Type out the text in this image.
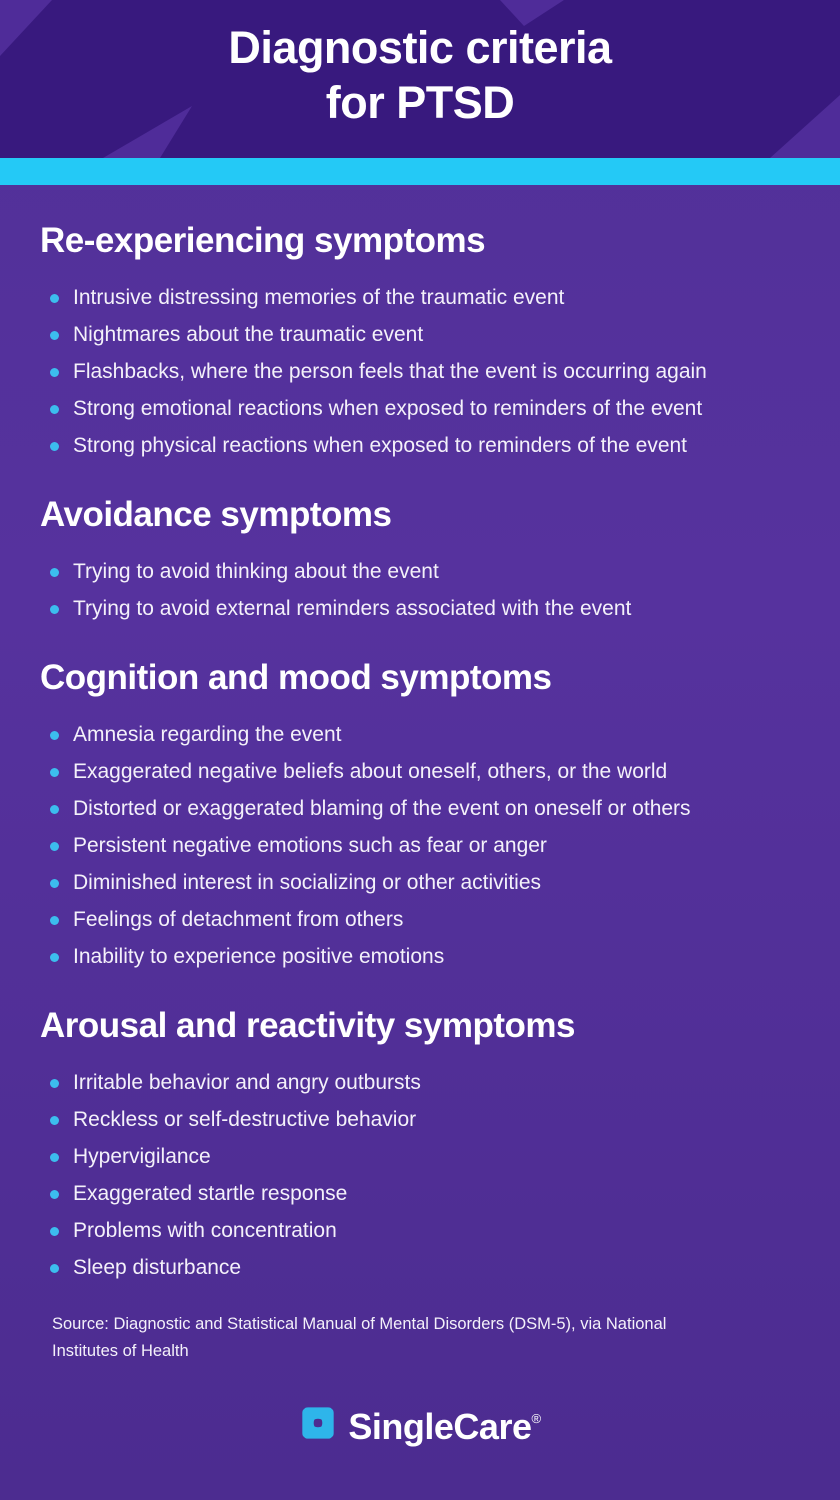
Diagnostic criteria
for PTSD
Re-experiencing symptoms
Intrusive distressing memories of the traumatic event
Nightmares about the traumatic event
Flashbacks, where the person feels that the event is occurring again
Strong emotional reactions when exposed to reminders of the event
Strong physical reactions when exposed to reminders of the event
Avoidance symptoms
Trying to avoid thinking about the event
Trying to avoid external reminders associated with the event
Cognition and mood symptoms
Amnesia regarding the event
Exaggerated negative beliefs about oneself, others, or the world
Distorted or exaggerated blaming of the event on oneself or others
Persistent negative emotions such as fear or anger
Diminished interest in socializing or other activities
Feelings of detachment from others
Inability to experience positive emotions
Arousal and reactivity symptoms
Irritable behavior and angry outbursts
Reckless or self-destructive behavior
Hypervigilance
Exaggerated startle response
Problems with concentration
Sleep disturbance

Source: Diagnostic and Statistical Manual of Mental Disorders (DSM-5), via National
Institutes of Health

SingleCare®
